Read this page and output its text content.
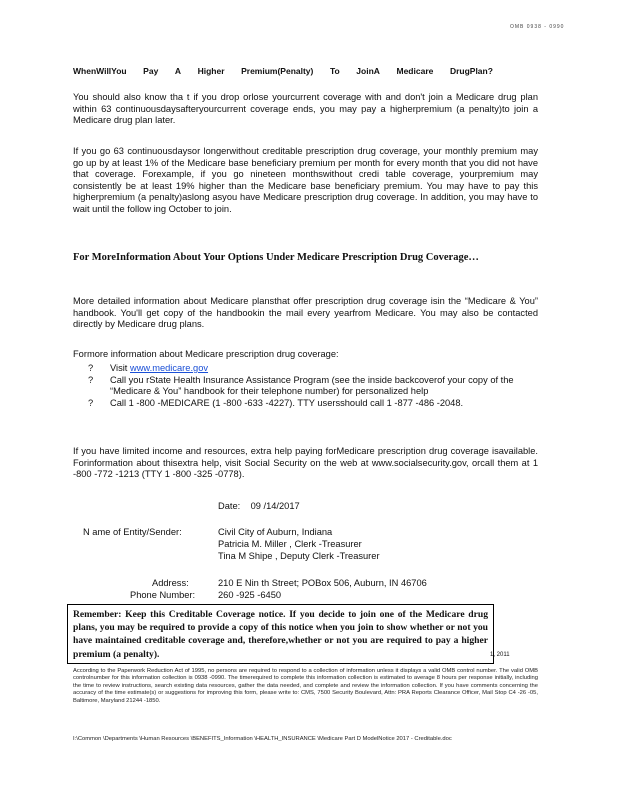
OMB 0938 - 0990
WhenWillYou Pay A Higher Premium(Penalty) To JoinA Medicare DrugPlan?
You should also know tha t if you drop orlose yourcurrent coverage with and don't join a Medicare drug plan within 63 continuousdaysafteryourcurrent coverage ends, you may pay a higherpremium (a penalty)to join a Medicare drug plan later.
If you go 63 continuousdaysor longerwithout creditable prescription drug coverage, your monthly premium may go up by at least 1% of the Medicare base beneficiary premium per month for every month that you did not have that coverage. Forexample, if you go nineteen monthswithout credi table coverage, yourpremium may consistently be at least 19% higher than the Medicare base beneficiary premium. You may have to pay this higherpremium (a penalty)aslong asyou have Medicare prescription drug coverage. In addition, you may have to wait until the follow ing October to join.
For MoreInformation About Your Options Under Medicare Prescription Drug Coverage…
More detailed information about Medicare plansthat offer prescription drug coverage isin the “Medicare & You” handbook. You'll get copy of the handbookin the mail every yearfrom Medicare. You may also be contacted directly by Medicare drug plans.
Formore information about Medicare prescription drug coverage:
?	Visit www.medicare.gov
?	Call you rState Health Insurance Assistance Program (see the inside backcoverof your copy of the “Medicare & You” handbook for their telephone number) for personalized help
?	Call 1 -800 -MEDICARE (1 -800 -633 -4227). TTY usersshould call 1 -877 -486 -2048.
If you have limited income and resources, extra help paying forMedicare prescription drug coverage isavailable. Forinformation about thisextra help, visit Social Security on the web at www.socialsecurity.gov, orcall them at 1 -800 -772 -1213 (TTY 1 -800 -325 -0778).
Date: 09 /14/2017
N ame of Entity/Sender:	Civil City of Auburn, Indiana
Patricia M. Miller , Clerk -Treasurer
Tina M Shipe , Deputy Clerk -Treasurer
Address:	210 E Nin th Street; POBox 506, Auburn, IN 46706
Phone Number: 260 -925 -6450
Remember: Keep this Creditable Coverage notice. If you decide to join one of the Medicare drug plans, you may be required to provide a copy of this notice when you join to show whether or not you have maintained creditable coverage and, therefore,whether or not you are required to pay a higher premium (a penalty).	1, 2011
According to the Paperwork Reduction Act of 1995, no persons are required to respond to a collection of information unless it displays a valid OMB control number. The valid OMB controlnumber for this information collection is 0938 -0990. The timerequired to complete this information collection is estimated to average 8 hours per response initially, including the time to review instructions, search existing data resources, gather the data needed, and complete and review the information collection. If you have comments concerning the accuracy of the time estimate(s) or suggestions for improving this form, please write to: CMS, 7500 Security Boulevard, Attn: PRA Reports Clearance Officer, Mail Stop C4 -26 -05, Baltimore, Maryland 21244 -1850.
I:\Common \Departments \Human Resources \BENEFITS_Information \HEALTH_INSURANCE \Medicare Part D ModelNotice 2017 - Creditable.doc
